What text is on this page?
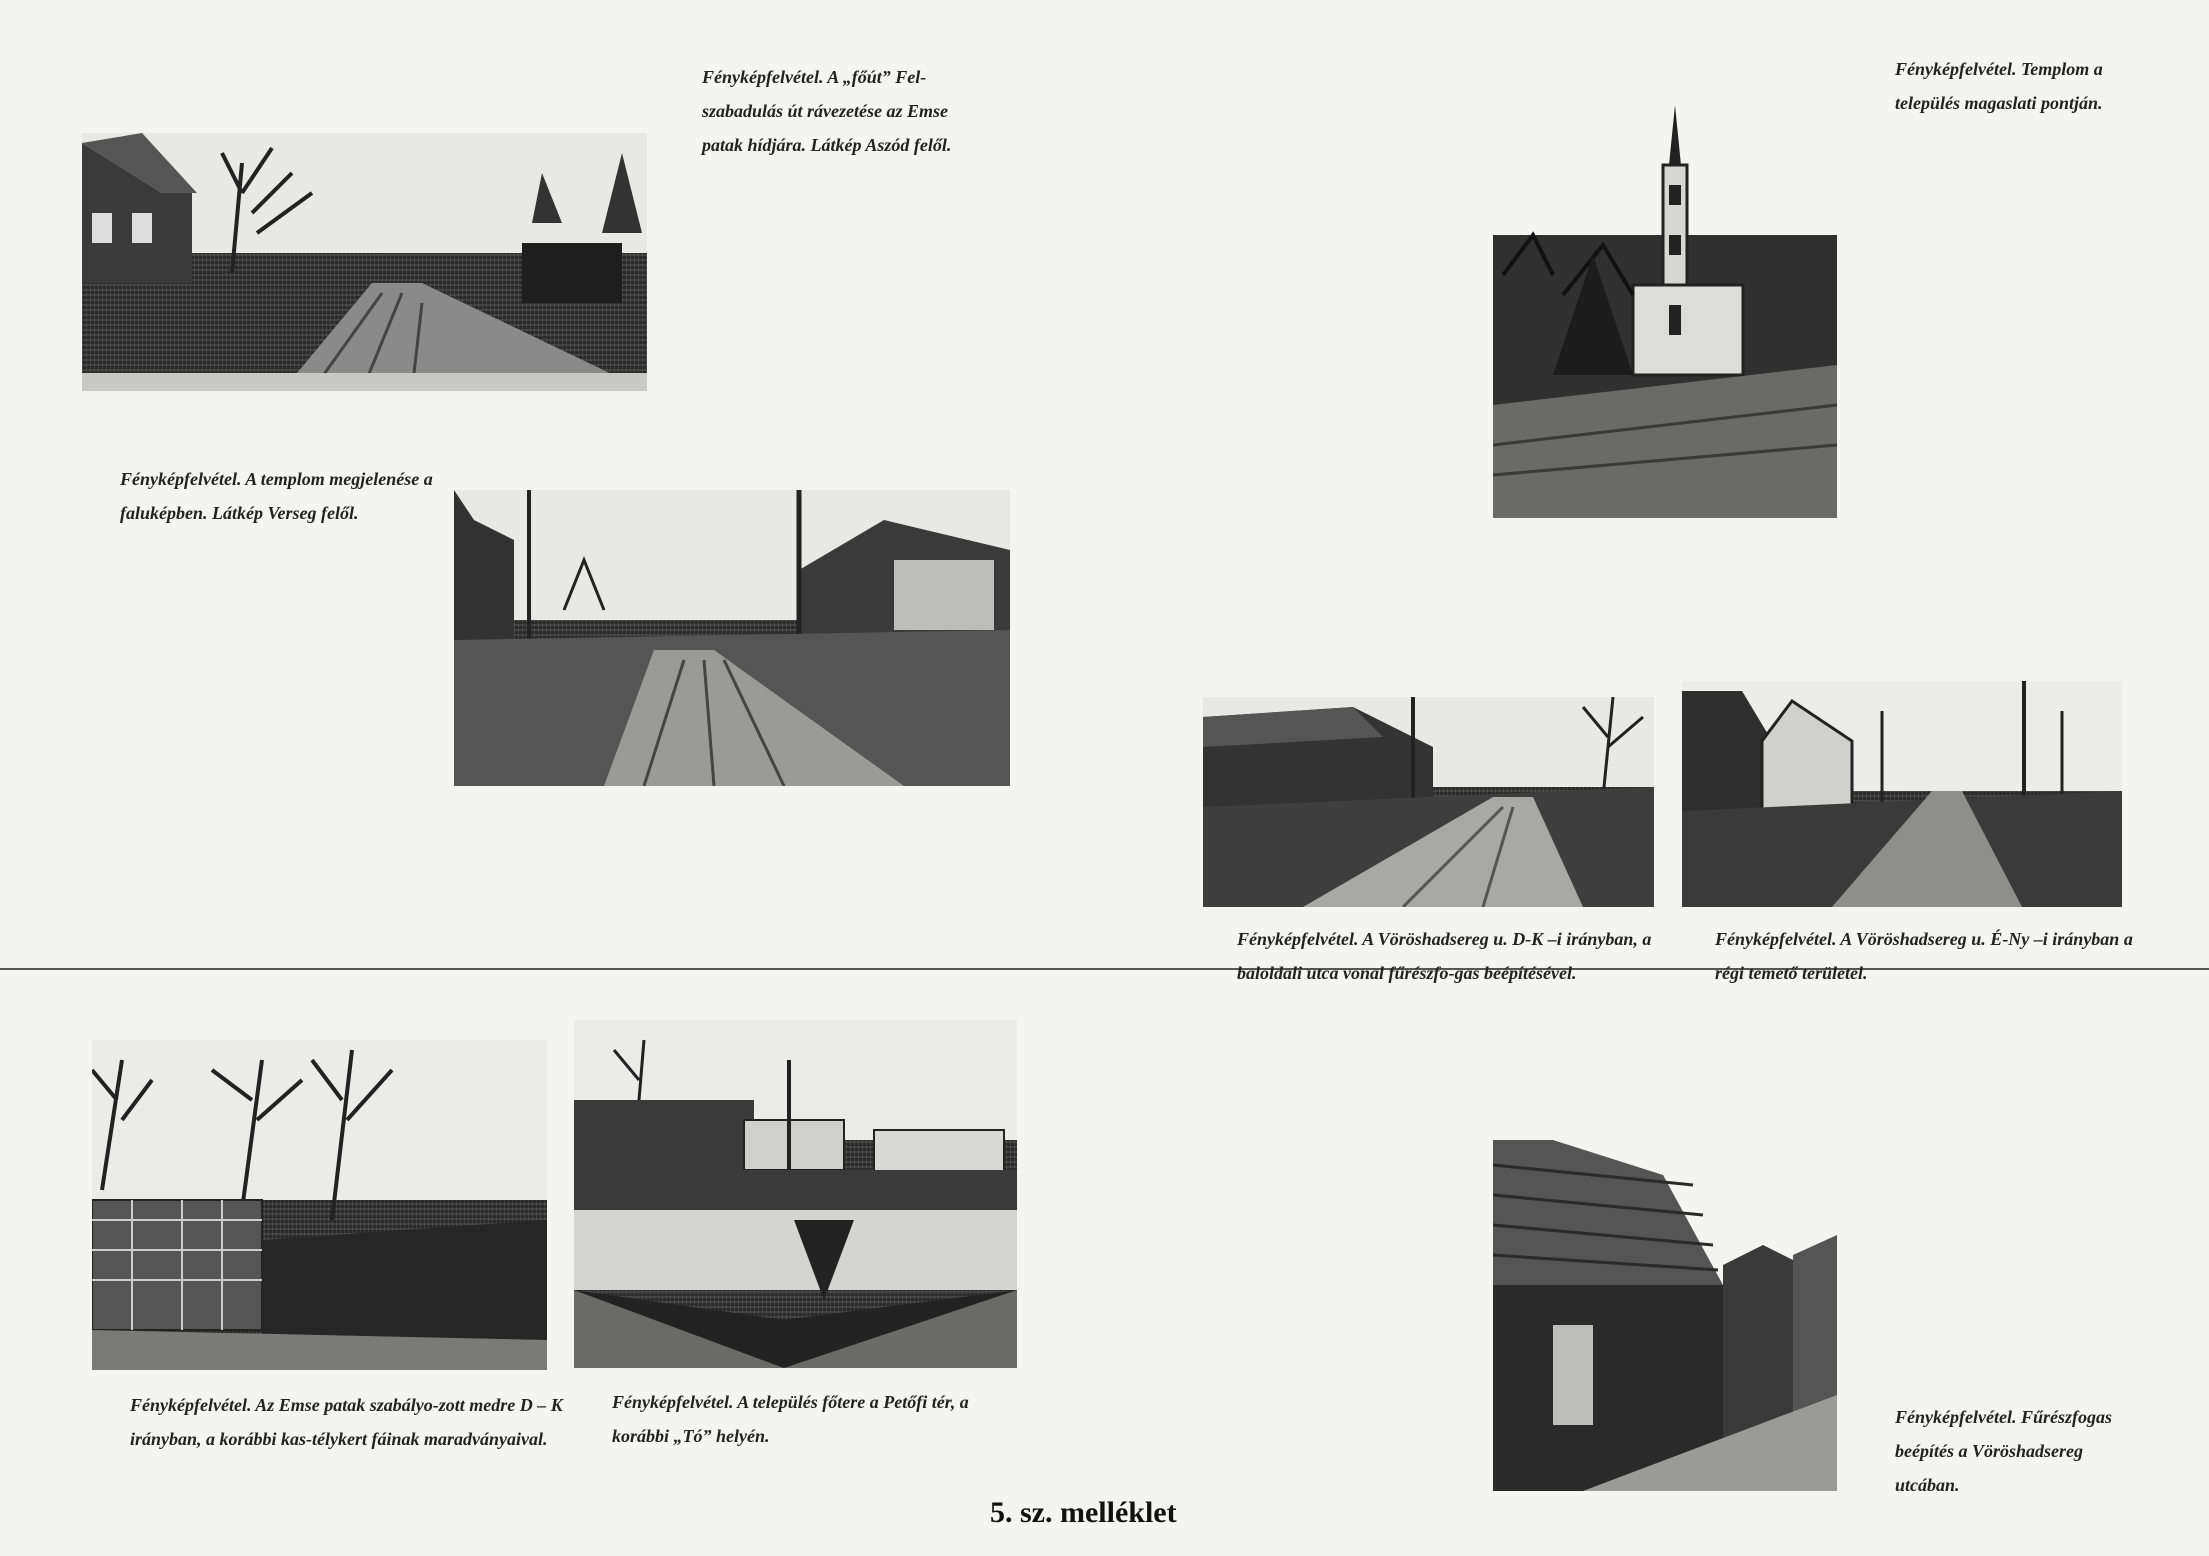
Fényképfelvétel. A „főút” Fel-szabadulás út rávezetése az Emse patak hídjára. Látkép Aszód felől.
Fényképfelvétel. A templom megjelenése a faluképben. Látkép Verseg felől.
Fényképfelvétel. Templom a település magaslati pontján.
Fényképfelvétel. A Vöröshadsereg u. D-K –i irányban, a baloldali utca vonal fűrészfo-gas beépítésével.
Fényképfelvétel. A Vöröshadsereg u. É-Ny –i irányban a régi temető területel.
Fényképfelvétel. Az Emse patak szabályo-zott medre D – K irányban, a korábbi kas-télykert fáinak maradványaival.
Fényképfelvétel. A település főtere a Petőfi tér, a korábbi „Tó” helyén.
Fényképfelvétel. Fűrészfogas beépítés a Vöröshadsereg utcában.
5. sz. melléklet
